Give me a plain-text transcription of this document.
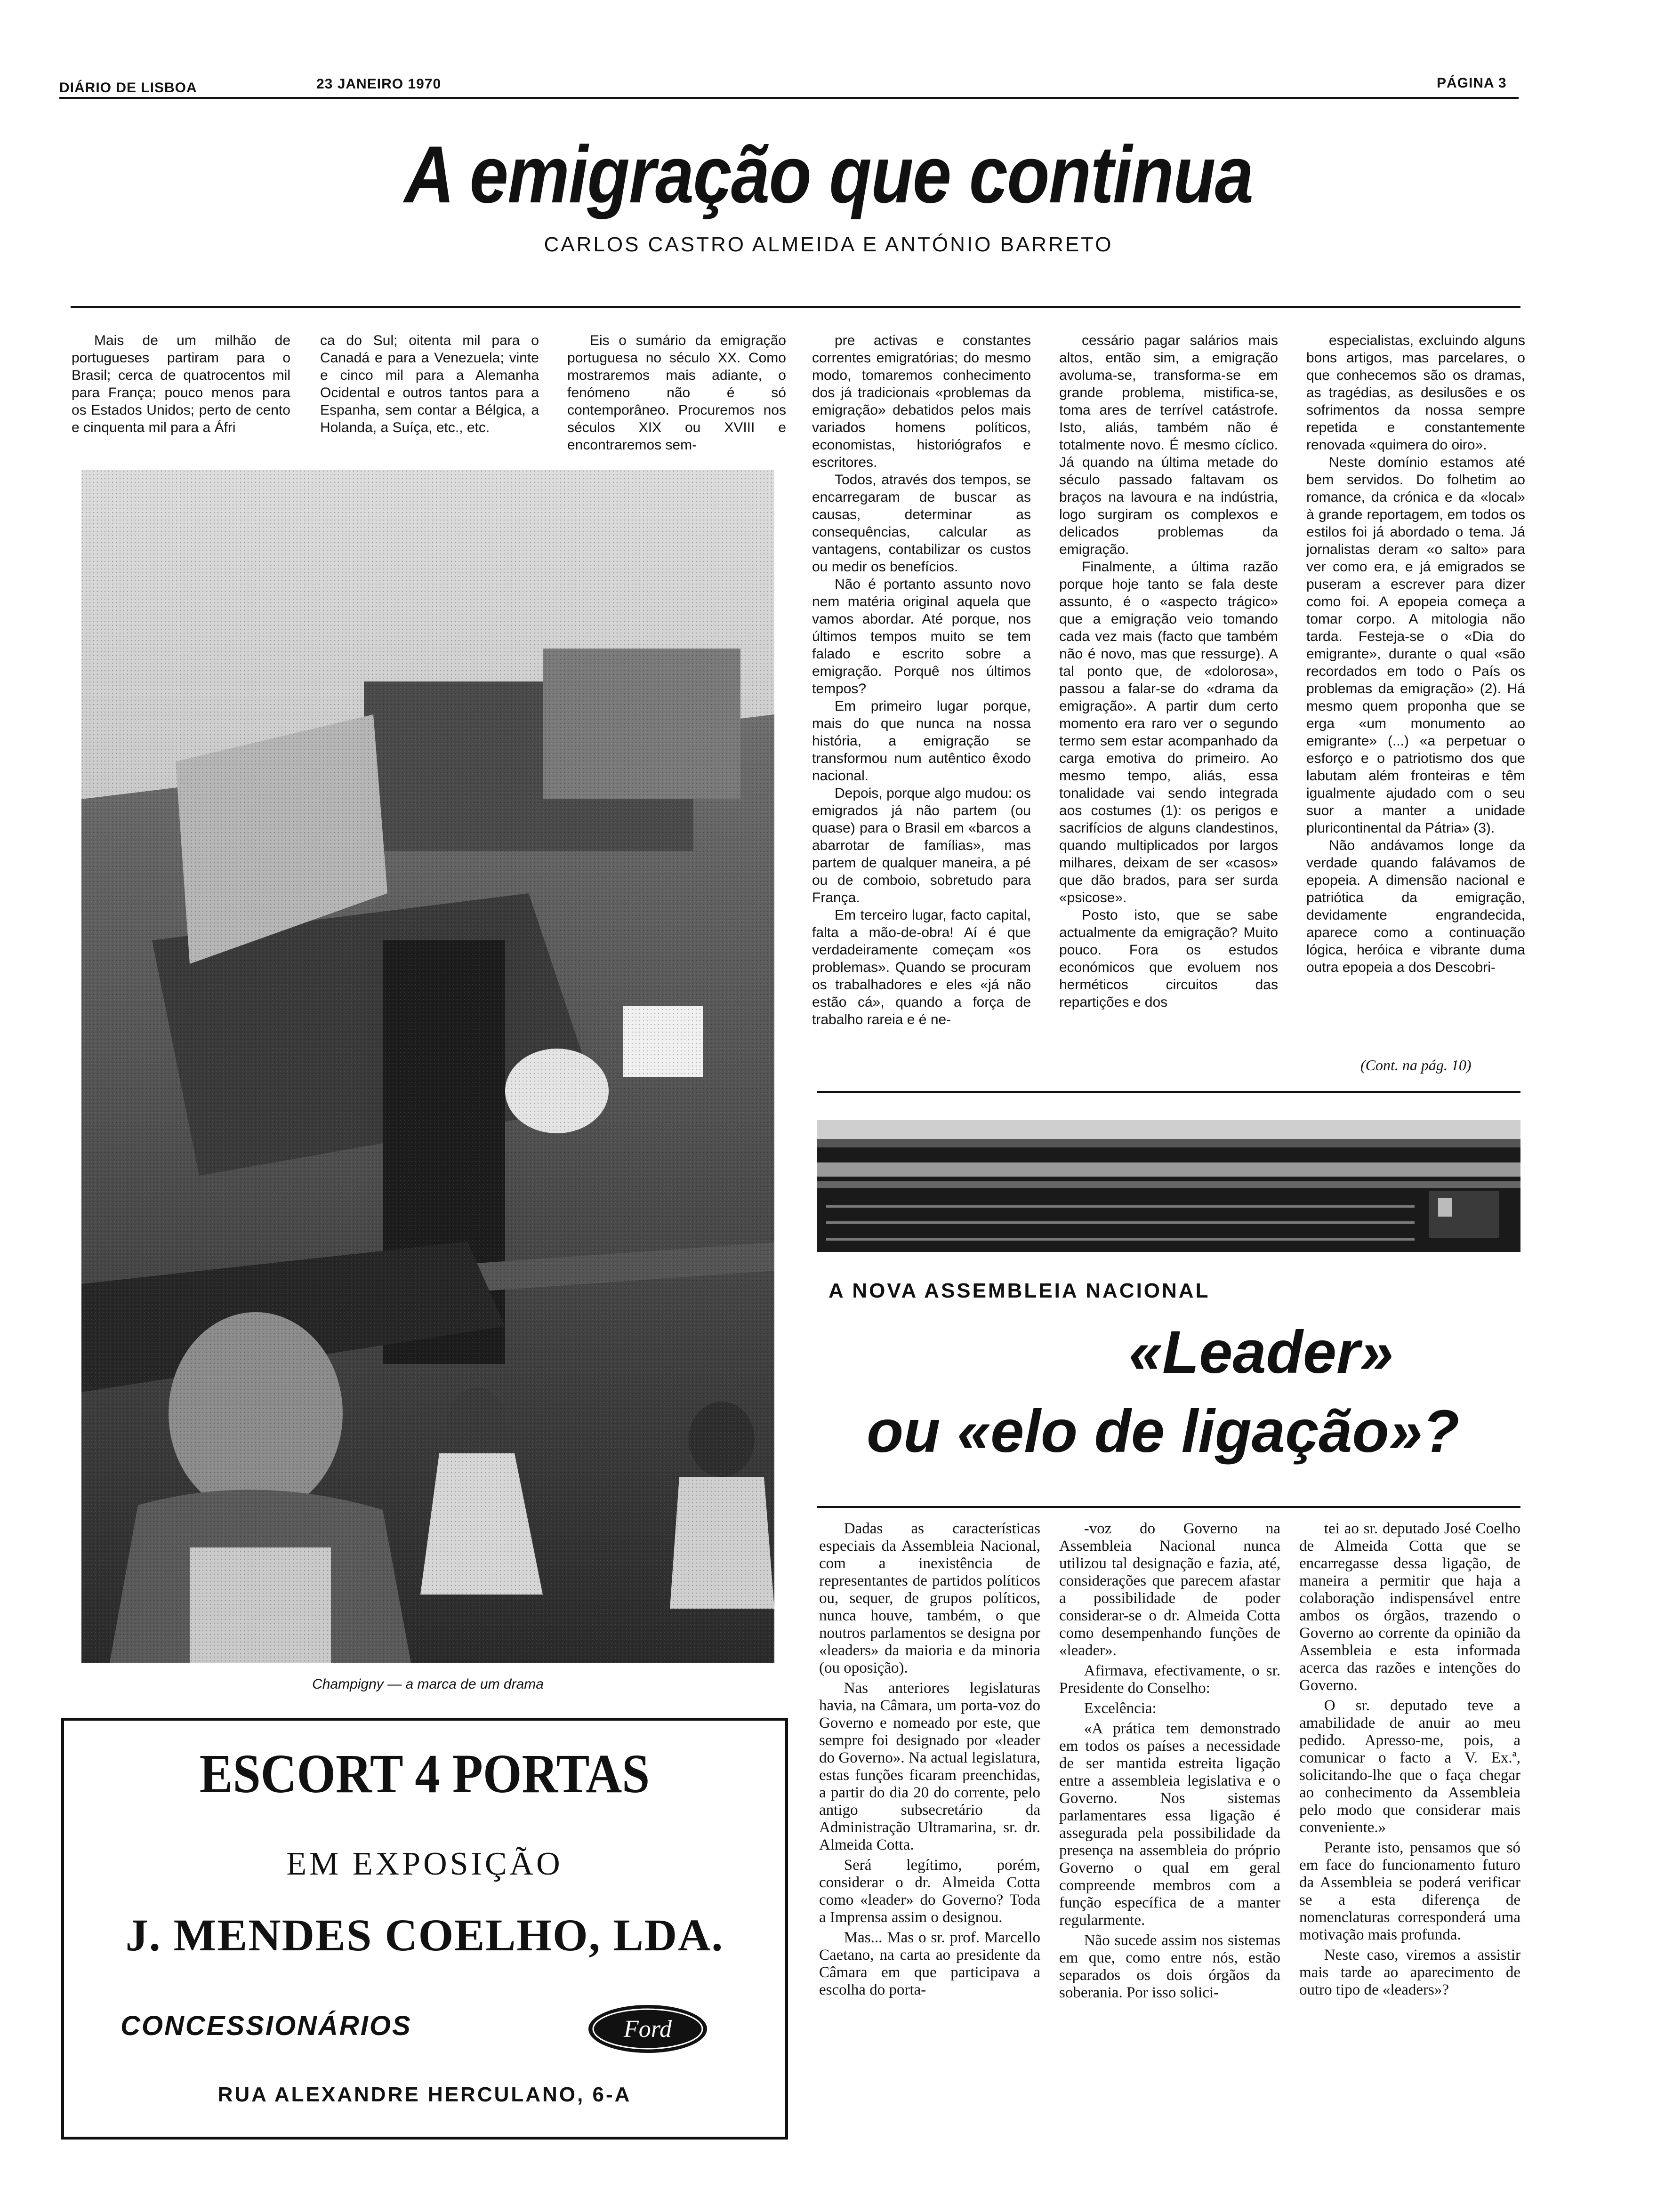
DIÁRIO DE LISBOA	23 JANEIRO 1970	PÁGINA 3
A emigração que continua
CARLOS CASTRO ALMEIDA E ANTÓNIO BARRETO

Mais de um milhão de portugueses partiram para o Brasil; cerca de quatrocentos mil para França; pouco menos para os Estados Unidos; perto de cento e cinquenta mil para a Áfri

ca do Sul; oitenta mil para o Canadá e para a Venezuela; vinte e cinco mil para a Alemanha Ocidental e outros tantos para a Espanha, sem contar a Bélgica, a Holanda, a Suíça, etc., etc.

Eis o sumário da emigração portuguesa no século XX. Como mostraremos mais adiante, o fenómeno não é só contemporâneo. Procuremos nos séculos XIX ou XVIII e encontraremos sem-

pre activas e constantes correntes emigratórias; do mesmo modo, tomaremos conhecimento dos já tradicionais «problemas da emigração» debatidos pelos mais variados homens políticos, economistas, historiógrafos e escritores.

Todos, através dos tempos, se encarregaram de buscar as causas, determinar as consequências, calcular as vantagens, contabilizar os custos ou medir os benefícios.

Não é portanto assunto novo nem matéria original aquela que vamos abordar. Até porque, nos últimos tempos muito se tem falado e escrito sobre a emigração. Porquê nos últimos tempos?

Em primeiro lugar porque, mais do que nunca na nossa história, a emigração se transformou num autêntico êxodo nacional.

Depois, porque algo mudou: os emigrados já não partem (ou quase) para o Brasil em «barcos a abarrotar de famílias», mas partem de qualquer maneira, a pé ou de comboio, sobretudo para França.

Em terceiro lugar, facto capital, falta a mão-de-obra! Aí é que verdadeiramente começam «os problemas». Quando se procuram os trabalhadores e eles «já não estão cá», quando a força de trabalho rareia e é ne-

cessário pagar salários mais altos, então sim, a emigração avoluma-se, transforma-se em grande problema, mistifica-se, toma ares de terrível catástrofe. Isto, aliás, também não é totalmente novo. É mesmo cíclico. Já quando na última metade do século passado faltavam os braços na lavoura e na indústria, logo surgiram os complexos e delicados problemas da emigração.

Finalmente, a última razão porque hoje tanto se fala deste assunto, é o «aspecto trágico» que a emigração veio tomando cada vez mais (facto que também não é novo, mas que ressurge). A tal ponto que, de «dolorosa», passou a falar-se do «drama da emigração». A partir dum certo momento era raro ver o segundo termo sem estar acompanhado da carga emotiva do primeiro. Ao mesmo tempo, aliás, essa tonalidade vai sendo integrada aos costumes (1): os perigos e sacrifícios de alguns clandestinos, quando multiplicados por largos milhares, deixam de ser «casos» que dão brados, para ser surda «psicose».

Posto isto, que se sabe actualmente da emigração? Muito pouco. Fora os estudos económicos que evoluem nos herméticos circuitos das repartições e dos

especialistas, excluindo alguns bons artigos, mas parcelares, o que conhecemos são os dramas, as tragédias, as desilusões e os sofrimentos da nossa sempre repetida e constantemente renovada «quimera do oiro».

Neste domínio estamos até bem servidos. Do folhetim ao romance, da crónica e da «local» à grande reportagem, em todos os estilos foi já abordado o tema. Já jornalistas deram «o salto» para ver como era, e já emigrados se puseram a escrever para dizer como foi. A epopeia começa a tomar corpo. A mitologia não tarda. Festeja-se o «Dia do emigrante», durante o qual «são recordados em todo o País os problemas da emigração» (2). Há mesmo quem proponha que se erga «um monumento ao emigrante» (...) «a perpetuar o esforço e o patriotismo dos que labutam além fronteiras e têm igualmente ajudado com o seu suor a manter a unidade pluricontinental da Pátria» (3).

Não andávamos longe da verdade quando falávamos de epopeia. A dimensão nacional e patriótica da emigração, devidamente engrandecida, aparece como a continuação lógica, heróica e vibrante duma outra epopeia a dos Descobri-

(Cont. na pág. 10)
Champigny — a marca de um drama
ESCORT 4 PORTAS
EM EXPOSIÇÃO
J. MENDES COELHO, LDA.
CONCESSIONÁRIOS	Ford
RUA ALEXANDRE HERCULANO, 6-A
A NOVA ASSEMBLEIA NACIONAL
«Leader»
ou «elo de ligação»?

Dadas as características especiais da Assembleia Nacional, com a inexistência de representantes de partidos políticos ou, sequer, de grupos políticos, nunca houve, também, o que noutros parlamentos se designa por «leaders» da maioria e da minoria (ou oposição).

Nas anteriores legislaturas havia, na Câmara, um porta-voz do Governo e nomeado por este, que sempre foi designado por «leader do Governo». Na actual legislatura, estas funções ficaram preenchidas, a partir do dia 20 do corrente, pelo antigo subsecretário da Administração Ultramarina, sr. dr. Almeida Cotta.

Será legítimo, porém, considerar o dr. Almeida Cotta como «leader» do Governo? Toda a Imprensa assim o designou.

Mas... Mas o sr. prof. Marcello Caetano, na carta ao presidente da Câmara em que participava a escolha do porta-

-voz do Governo na Assembleia Nacional nunca utilizou tal designação e fazia, até, considerações que parecem afastar a possibilidade de poder considerar-se o dr. Almeida Cotta como desempenhando funções de «leader».

Afirmava, efectivamente, o sr. Presidente do Conselho:

Excelência:

«A prática tem demonstrado em todos os países a necessidade de ser mantida estreita ligação entre a assembleia legislativa e o Governo. Nos sistemas parlamentares essa ligação é assegurada pela possibilidade da presença na assembleia do próprio Governo o qual em geral compreende membros com a função específica de a manter regularmente.

Não sucede assim nos sistemas em que, como entre nós, estão separados os dois órgãos da soberania. Por isso solici-

tei ao sr. deputado José Coelho de Almeida Cotta que se encarregasse dessa ligação, de maneira a permitir que haja a colaboração indispensável entre ambos os órgãos, trazendo o Governo ao corrente da opinião da Assembleia e esta informada acerca das razões e intenções do Governo.

O sr. deputado teve a amabilidade de anuir ao meu pedido. Apresso-me, pois, a comunicar o facto a V. Ex.ª, solicitando-lhe que o faça chegar ao conhecimento da Assembleia pelo modo que considerar mais conveniente.»

Perante isto, pensamos que só em face do funcionamento futuro da Assembleia se poderá verificar se a esta diferença de nomenclaturas corresponderá uma motivação mais profunda.

Neste caso, viremos a assistir mais tarde ao aparecimento de outro tipo de «leaders»?
